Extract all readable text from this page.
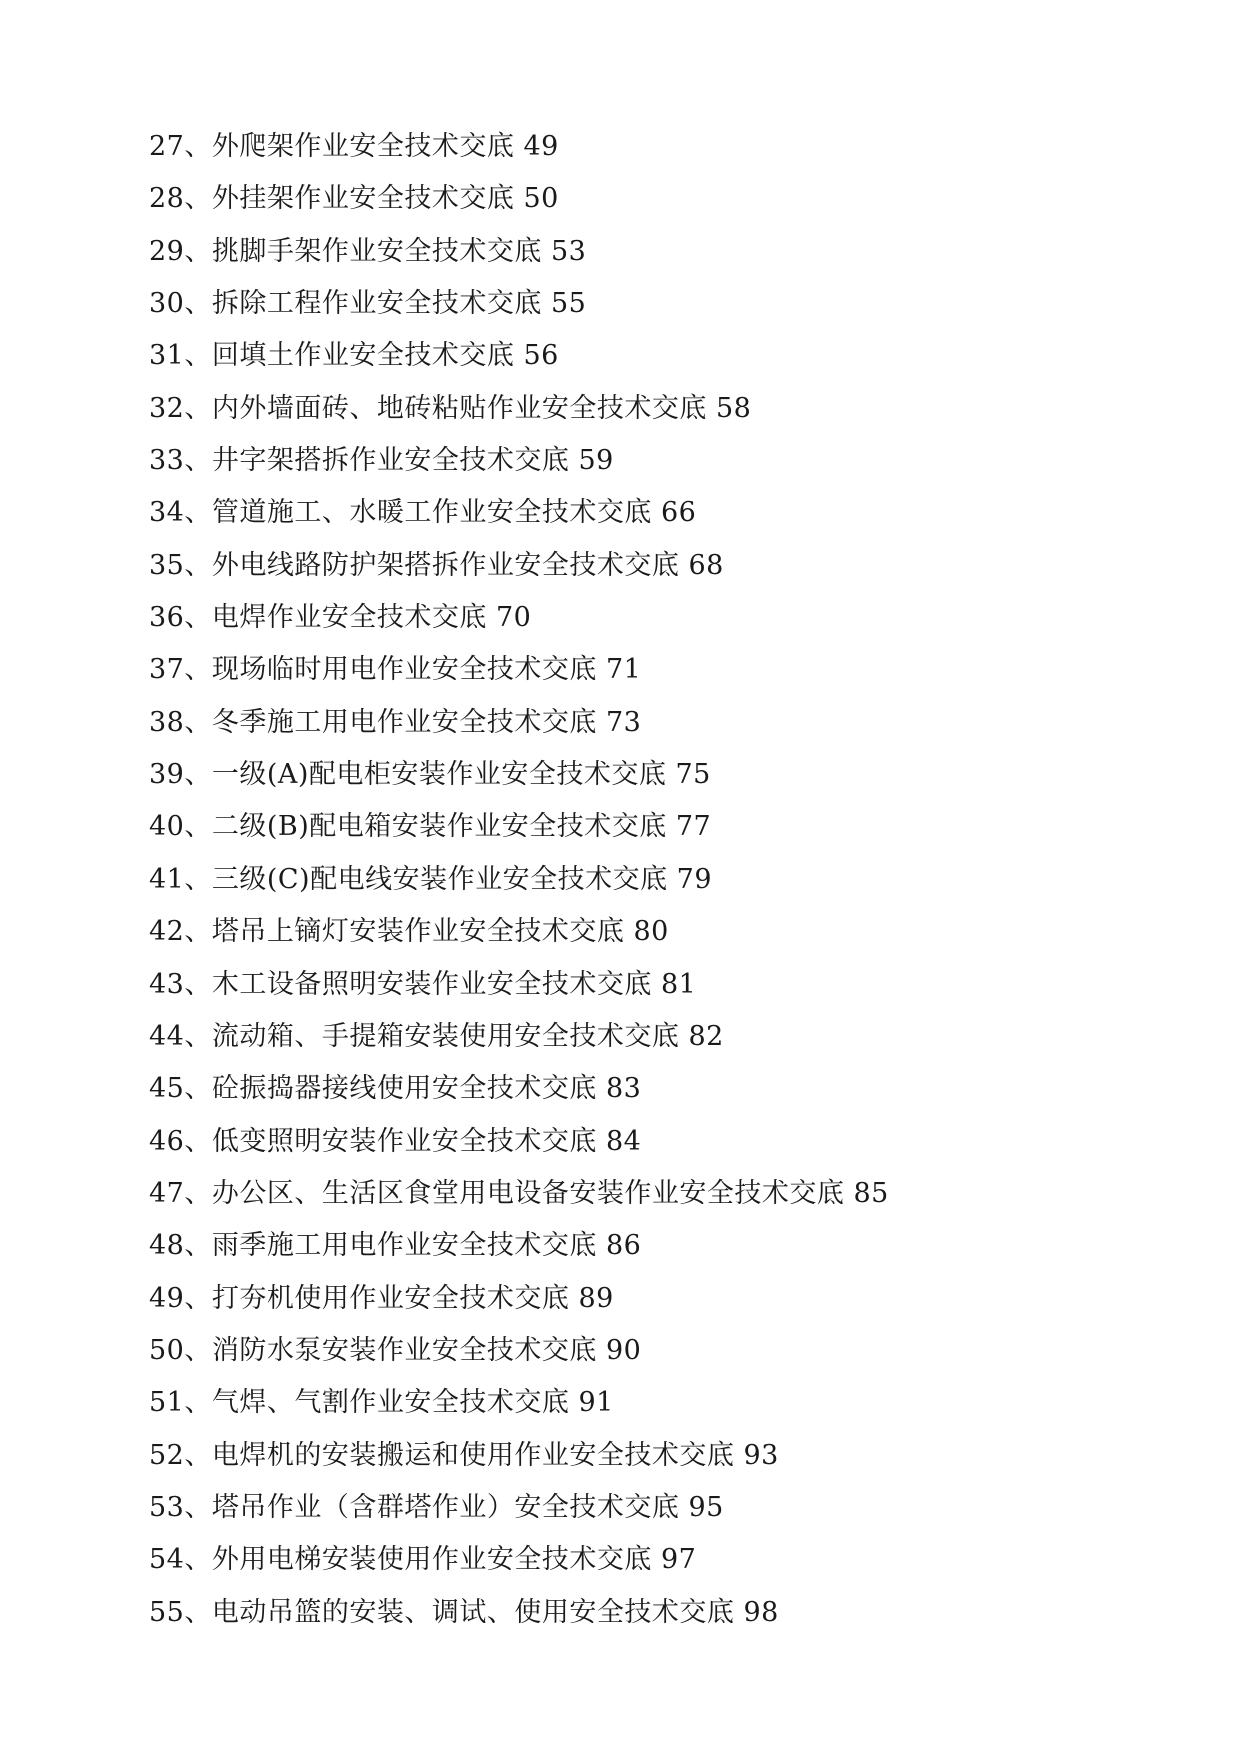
27、外爬架作业安全技术交底 49
28、外挂架作业安全技术交底 50
29、挑脚手架作业安全技术交底 53
30、拆除工程作业安全技术交底 55
31、回填土作业安全技术交底 56
32、内外墙面砖、地砖粘贴作业安全技术交底 58
33、井字架搭拆作业安全技术交底 59
34、管道施工、水暖工作业安全技术交底 66
35、外电线路防护架搭拆作业安全技术交底 68
36、电焊作业安全技术交底 70
37、现场临时用电作业安全技术交底 71
38、冬季施工用电作业安全技术交底 73
39、一级(A)配电柜安装作业安全技术交底 75
40、二级(B)配电箱安装作业安全技术交底 77
41、三级(C)配电线安装作业安全技术交底 79
42、塔吊上镝灯安装作业安全技术交底 80
43、木工设备照明安装作业安全技术交底 81
44、流动箱、手提箱安装使用安全技术交底 82
45、砼振捣器接线使用安全技术交底 83
46、低变照明安装作业安全技术交底 84
47、办公区、生活区食堂用电设备安装作业安全技术交底 85
48、雨季施工用电作业安全技术交底 86
49、打夯机使用作业安全技术交底 89
50、消防水泵安装作业安全技术交底 90
51、气焊、气割作业安全技术交底 91
52、电焊机的安装搬运和使用作业安全技术交底 93
53、塔吊作业（含群塔作业）安全技术交底 95
54、外用电梯安装使用作业安全技术交底 97
55、电动吊篮的安装、调试、使用安全技术交底 98
